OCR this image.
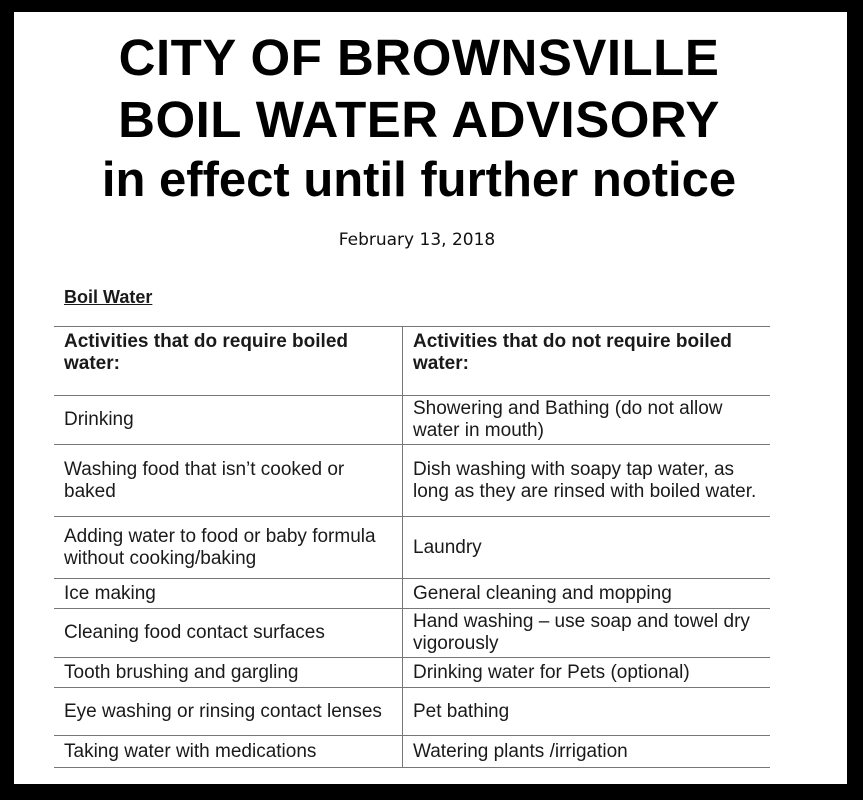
CITY OF BROWNSVILLE
BOIL WATER ADVISORY
in effect until further notice
February 13, 2018
Boil Water
Activities that do require boiled water:	Activities that do not require boiled water:
Drinking	Showering and Bathing (do not allow water in mouth)
Washing food that isn’t cooked or baked	Dish washing with soapy tap water, as long as they are rinsed with boiled water.
Adding water to food or baby formula without cooking/baking	Laundry
Ice making	General cleaning and mopping
Cleaning food contact surfaces	Hand washing – use soap and towel dry vigorously
Tooth brushing and gargling	Drinking water for Pets (optional)
Eye washing or rinsing contact lenses	Pet bathing
Taking water with medications	Watering plants /irrigation
